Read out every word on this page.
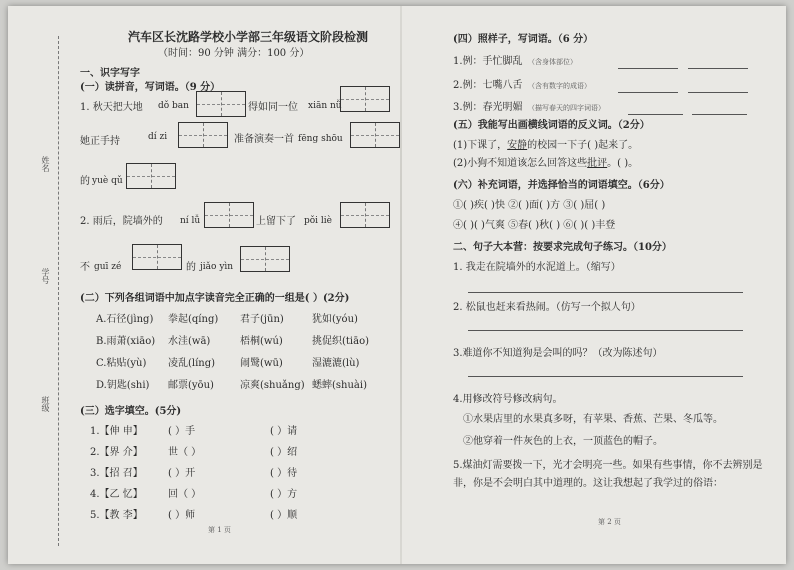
姓名
学号
班级
汽车区长沈路学校小学部三年级语文阶段检测
（时间：90 分钟 满分：100 分）
一、识字写字
(一）读拼音，写词语。（9 分）
1. 秋天把大地 dǒ ban	得如同一位 xiān nǚ
她正手持	dí zi	准备演奏一首 fēng shōu
的 yuè qǔ
2. 雨后，院墙外的 ní lǚ	上留下了 pǒi liè
不 guī zé	的 jiǎo yìn
(二）下列各组词语中加点字读音完全正确的一组是( ）(2分)
(三）选字填空。(5分)
第 1 页
(四）照样子，写词语。（6 分）
1.例：手忙脚乱 （含身体部位）
2.例：七嘴八舌 （含有数字的成语）
3.例：春光明媚 （描写春天的四字词语）
(五）我能写出画横线词语的反义词。（2分）
(1)下课了，安静的校园一下子( )起来了。
(2)小狗不知道该怎么回答这些批评。( )。
(六）补充词语，并选择恰当的词语填空。（6分）
①( )疾( )快 ②( )面( )方 ③( )屈( )
④( )( )气爽 ⑤春( )秋( ) ⑥( )( )丰登
二、句子大本营：按要求完成句子练习。（10分）
1. 我走在院墙外的水泥道上。（缩写）
2. 松鼠也赶来看热闹。（仿写一个拟人句）
3.难道你不知道狗是会叫的吗？（改为陈述句）
4.用修改符号修改病句。
①水果店里的水果真多呀，有苹果、香蕉、芒果、冬瓜等。
②他穿着一件灰色的上衣，一顶蓝色的帽子。
5.煤油灯需要拨一下，光才会明亮一些。如果有些事情，你不去辨别是
非，你是不会明白其中道理的。这让我想起了我学过的俗语：
第 2 页
A.石径(jìng) 拳起(qíng) 君子(jūn)	犹如(yóu)
B.雨萧(xiāo) 水洼(wā)	梧桐(wú)	挑促织(tiāo)
C.粘贴(yù) 凌乱(líng) 闹鹥(wū)	湿漉漉(lù)
D.钥匙(shi) 邮票(yōu)	凉爽(shuǎng) 蟋蟀(shuài)
1.【伸 申】	( ）手	( ）请
2.【界 介】	世（ ）	( ）绍
3.【招 召】	( ）开	( ）待
4.【乙 忆】	回（ ）	( ）方
5.【教 李】	( ）师	( ）顺
